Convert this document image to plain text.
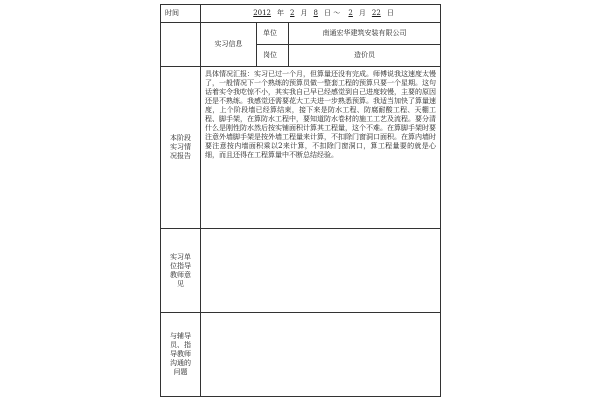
时间	2012 年 2 月 8 日 ～ 2 月 22 日		
	实习信息	单位	南通宏华建筑安装有限公司
		岗位	造价员
本阶段实习情况报告	具体情况汇报：实习已过一个月，但算量还没有完成。师傅说我这速度太慢了，一般情况下一个熟练的预算员做一整套工程的预算只要一个星期。这句话着实令我吃惊不小，其实我自己早已经感觉到自己进度较慢，主要的原因还是不熟练。我感觉还需要花大工夫进一步熟悉预算。我适当加快了算量速度，上个阶段墙已经算结束，接下来是防水工程、防腐耐酸工程、天棚工程、脚手架，在算防水工程中，要知道防水卷材的施工工艺及流程。要分清什么是刚性防水然后按实铺面积计算其工程量，这个不难。在算脚手架时要注意外墙脚手架是按外墙工程量来计算，不扣除门窗洞口面积。在算内墙时要注意按内墙面积乘以2来计算，不扣除门窗洞口，算工程量要的就是心细，而且还得在工程算量中不断总结经验。		
实习单位指导教师意见			
与辅导员、指导教师沟通的问题			
